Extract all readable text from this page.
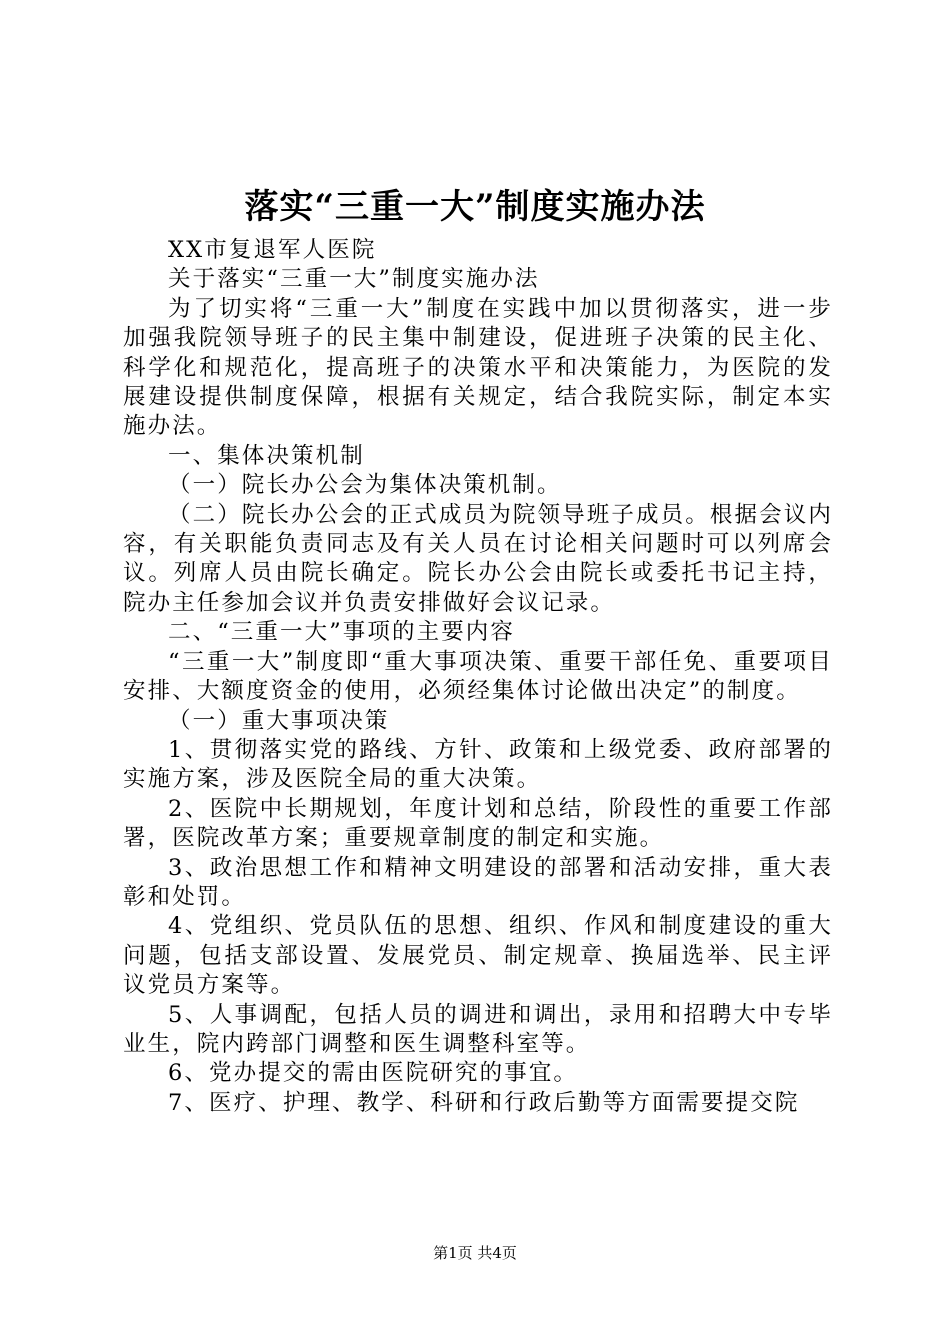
落实“三重一大”制度实施办法

XX市复退军人医院

关于落实“三重一大”制度实施办法

为了切实将“三重一大”制度在实践中加以贯彻落实，进一步加强我院领导班子的民主集中制建设，促进班子决策的民主化、科学化和规范化，提高班子的决策水平和决策能力，为医院的发展建设提供制度保障，根据有关规定，结合我院实际，制定本实施办法。

一、集体决策机制

（一）院长办公会为集体决策机制。

（二）院长办公会的正式成员为院领导班子成员。根据会议内容，有关职能负责同志及有关人员在讨论相关问题时可以列席会议。列席人员由院长确定。院长办公会由院长或委托书记主持，院办主任参加会议并负责安排做好会议记录。

二、“三重一大”事项的主要内容

“三重一大”制度即“重大事项决策、重要干部任免、重要项目安排、大额度资金的使用，必须经集体讨论做出决定”的制度。

（一）重大事项决策

1、贯彻落实党的路线、方针、政策和上级党委、政府部署的实施方案，涉及医院全局的重大决策。

2、医院中长期规划，年度计划和总结，阶段性的重要工作部署，医院改革方案；重要规章制度的制定和实施。

3、政治思想工作和精神文明建设的部署和活动安排，重大表彰和处罚。

4、党组织、党员队伍的思想、组织、作风和制度建设的重大问题，包括支部设置、发展党员、制定规章、换届选举、民主评议党员方案等。

5、人事调配，包括人员的调进和调出，录用和招聘大中专毕业生，院内跨部门调整和医生调整科室等。

6、党办提交的需由医院研究的事宜。

7、医疗、护理、教学、科研和行政后勤等方面需要提交院

第1页 共4页
